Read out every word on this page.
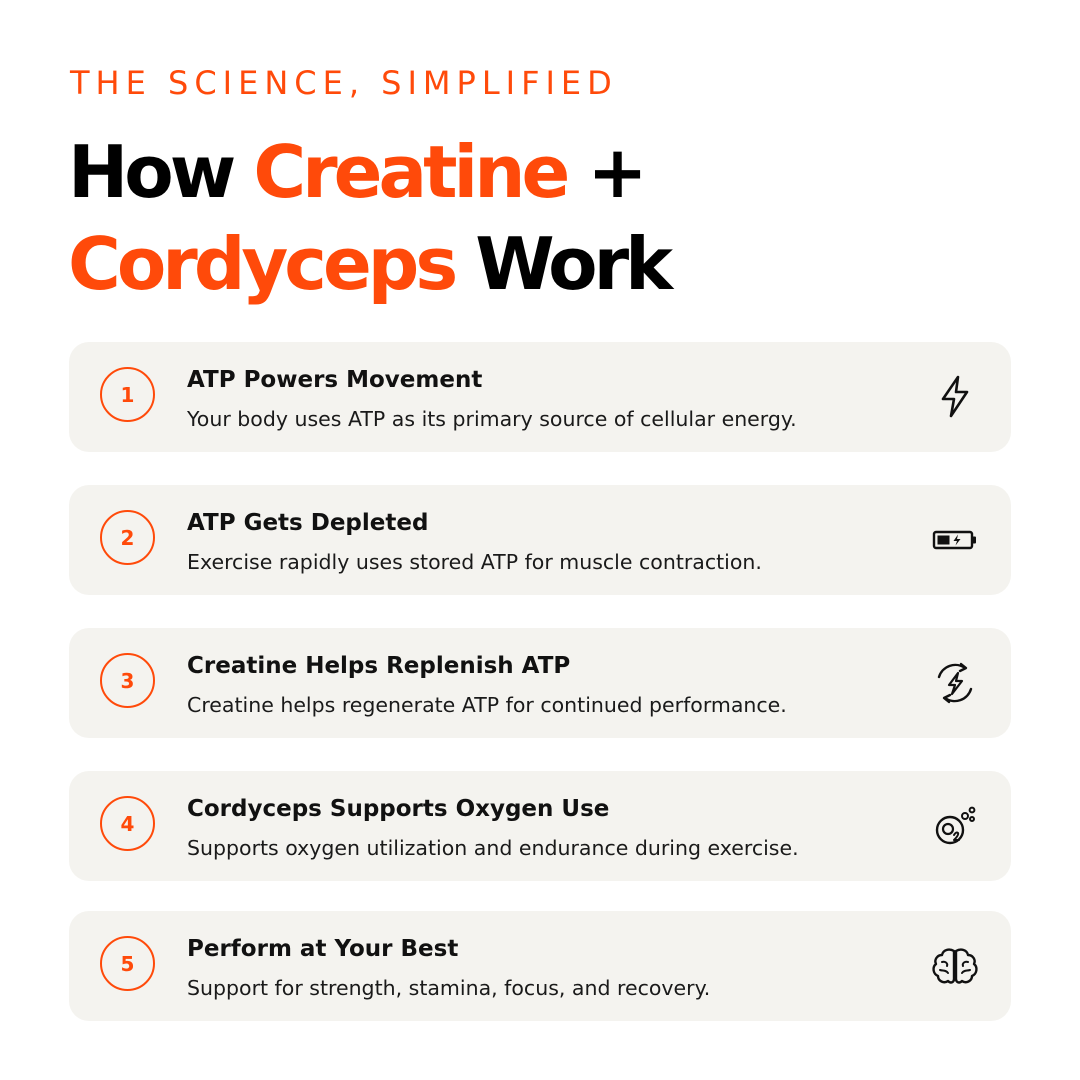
THE SCIENCE, SIMPLIFIED
How Creatine +
Cordyceps Work
1
ATP Powers Movement
Your body uses ATP as its primary source of cellular energy.
2
ATP Gets Depleted
Exercise rapidly uses stored ATP for muscle contraction.
3
Creatine Helps Replenish ATP
Creatine helps regenerate ATP for continued performance.
4
Cordyceps Supports Oxygen Use
Supports oxygen utilization and endurance during exercise.
5
Perform at Your Best
Support for strength, stamina, focus, and recovery.
